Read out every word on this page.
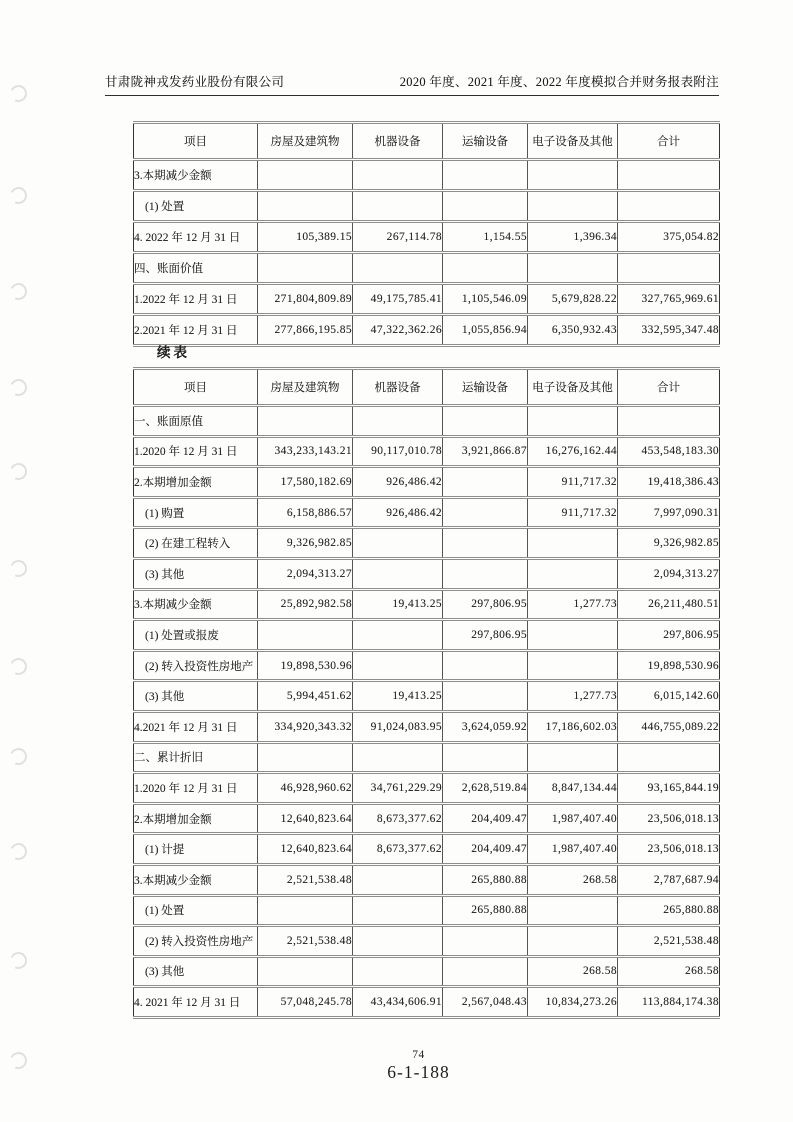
甘肃陇神戎发药业股份有限公司	2020 年度、2021 年度、2022 年度模拟合并财务报表附注
项目	房屋及建筑物	机器设备	运输设备	电子设备及其他	合计
3.本期减少金额					
(1) 处置					
4. 2022 年 12 月 31 日	105,389.15	267,114.78	1,154.55	1,396.34	375,054.82
四、账面价值					
1.2022 年 12 月 31 日	271,804,809.89	49,175,785.41	1,105,546.09	5,679,828.22	327,765,969.61
2.2021 年 12 月 31 日	277,866,195.85	47,322,362.26	1,055,856.94	6,350,932.43	332,595,347.48
续表
项目	房屋及建筑物	机器设备	运输设备	电子设备及其他	合计
一、账面原值					
1.2020 年 12 月 31 日	343,233,143.21	90,117,010.78	3,921,866.87	16,276,162.44	453,548,183.30
2.本期增加金额	17,580,182.69	926,486.42		911,717.32	19,418,386.43
(1) 购置	6,158,886.57	926,486.42		911,717.32	7,997,090.31
(2) 在建工程转入	9,326,982.85				9,326,982.85
(3) 其他	2,094,313.27				2,094,313.27
3.本期减少金额	25,892,982.58	19,413.25	297,806.95	1,277.73	26,211,480.51
(1) 处置或报废			297,806.95		297,806.95
(2) 转入投资性房地产	19,898,530.96				19,898,530.96
(3) 其他	5,994,451.62	19,413.25		1,277.73	6,015,142.60
4.2021 年 12 月 31 日	334,920,343.32	91,024,083.95	3,624,059.92	17,186,602.03	446,755,089.22
二、累计折旧					
1.2020 年 12 月 31 日	46,928,960.62	34,761,229.29	2,628,519.84	8,847,134.44	93,165,844.19
2.本期增加金额	12,640,823.64	8,673,377.62	204,409.47	1,987,407.40	23,506,018.13
(1) 计提	12,640,823.64	8,673,377.62	204,409.47	1,987,407.40	23,506,018.13
3.本期减少金额	2,521,538.48		265,880.88	268.58	2,787,687.94
(1) 处置			265,880.88		265,880.88
(2) 转入投资性房地产	2,521,538.48				2,521,538.48
(3) 其他				268.58	268.58
4. 2021 年 12 月 31 日	57,048,245.78	43,434,606.91	2,567,048.43	10,834,273.26	113,884,174.38
74
6-1-188
